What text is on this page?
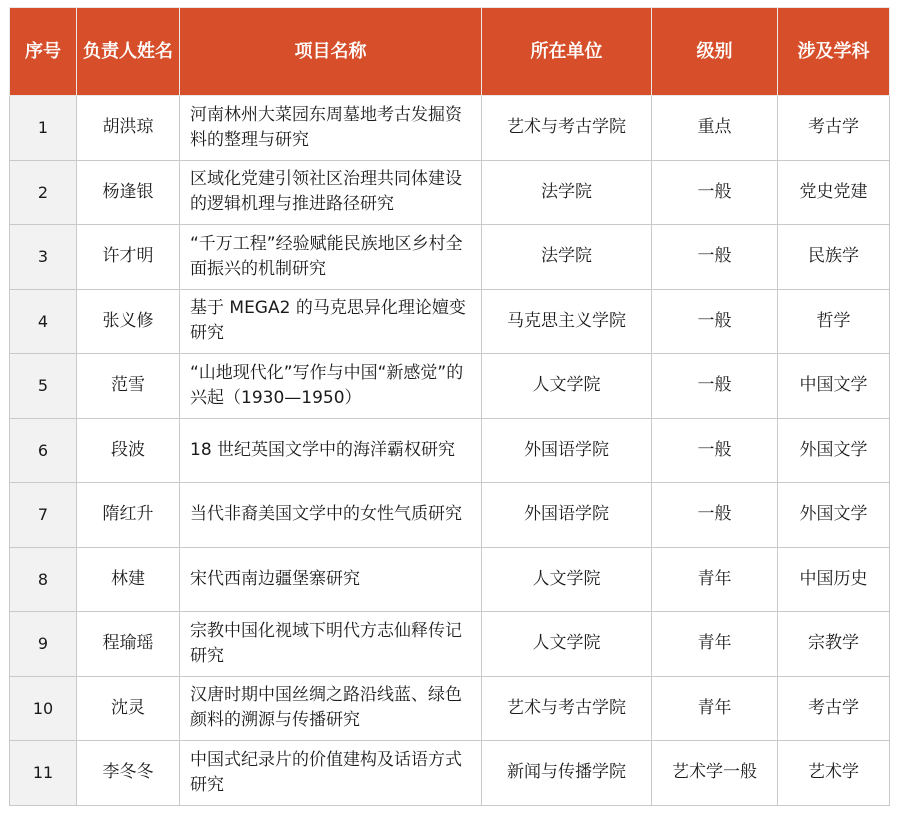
序号	负责人姓名	项目名称	所在单位	级别	涉及学科
1	胡洪琼	河南林州大菜园东周墓地考古发掘资料的整理与研究	艺术与考古学院	重点	考古学
2	杨逢银	区域化党建引领社区治理共同体建设的逻辑机理与推进路径研究	法学院	一般	党史党建
3	许才明	“千万工程”经验赋能民族地区乡村全面振兴的机制研究	法学院	一般	民族学
4	张义修	基于 MEGA2 的马克思异化理论嬗变研究	马克思主义学院	一般	哲学
5	范雪	“山地现代化”写作与中国“新感觉”的兴起（1930—1950）	人文学院	一般	中国文学
6	段波	18 世纪英国文学中的海洋霸权研究	外国语学院	一般	外国文学
7	隋红升	当代非裔美国文学中的女性气质研究	外国语学院	一般	外国文学
8	林建	宋代西南边疆堡寨研究	人文学院	青年	中国历史
9	程瑜瑶	宗教中国化视域下明代方志仙释传记研究	人文学院	青年	宗教学
10	沈灵	汉唐时期中国丝绸之路沿线蓝、绿色颜料的溯源与传播研究	艺术与考古学院	青年	考古学
11	李冬冬	中国式纪录片的价值建构及话语方式研究	新闻与传播学院	艺术学一般	艺术学
